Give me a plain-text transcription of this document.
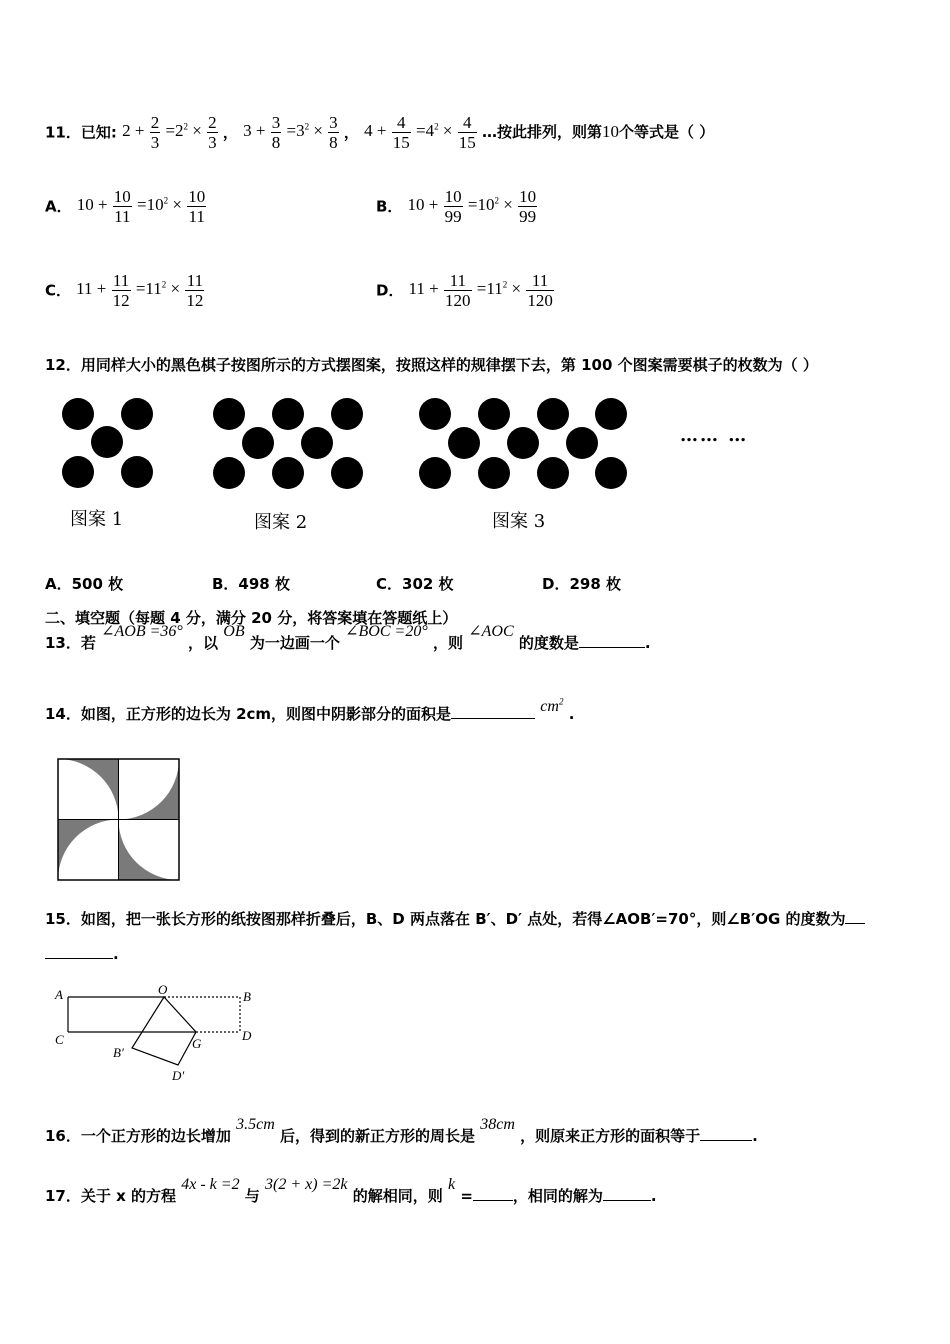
11．已知: $2 + \frac{2}{3} =2^2 \times \frac{2}{3}$ ， $3 + \frac{3}{8} =3^2 \times \frac{3}{8}$ ， $4 + \frac{4}{15} =4^2 \times \frac{4}{15}$ …按此排列，则第10个等式是（ ）
A． $10 + \frac{10}{11} =10^2 \times \frac{10}{11}$	B． $10 + \frac{10}{99} =10^2 \times \frac{10}{99}$
C． $11 + \frac{11}{12} =11^2 \times \frac{11}{12}$	D． $11 + \frac{11}{120} =11^2 \times \frac{11}{120}$
12．用同样大小的黑色棋子按图所示的方式摆图案，按照这样的规律摆下去，第 100 个图案需要棋子的枚数为（ ）
…… …
图案 1	图案 2	图案 3
A．500 枚	B．498 枚	C．302 枚	D．298 枚
二、填空题（每题 4 分，满分 20 分，将答案填在答题纸上）
13．若 ∠AOB =36° ，以 OB 为一边画一个 ∠BOC =20° ，则 ∠AOC 的度数是	.
14．如图，正方形的边长为 2cm，则图中阴影部分的面积是	$cm^2$ .
15．如图，把一张长方形的纸按图那样折叠后，B、D 两点落在 B′、D′ 点处，若得∠AOB′=70°，则∠B′OG 的度数为
.
A	O	B
C	D
G
B′
D′
16．一个正方形的边长增加 3.5cm 后，得到的新正方形的周长是 38cm ，则原来正方形的面积等于	.
17．关于 x 的方程 4x - k =2 与 3(2 + x) =2k 的解相同，则 k =	，相同的解为	.
